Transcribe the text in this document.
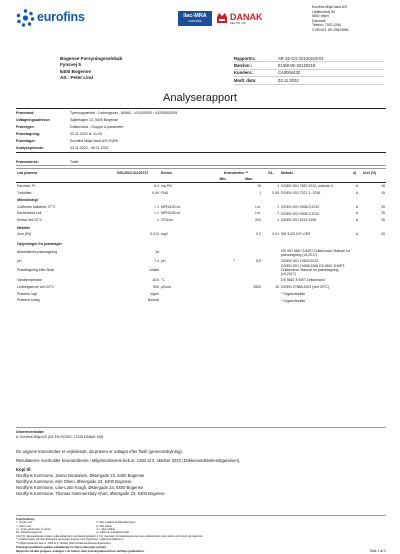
eurofins	ilac-MRA
CERTIFIED	DANAK
REG. NR. 168
Eurofins Miljø Vand A/S
Ladelundvej 85
6600 Vejen
Danmark
Telefon: 7022 4266
CVR/VAT: DK-29823880
Bogense Forsyningsselskab
Fynsvej 5
5400 Bogense
Att.: Peter Lind
Rapportnr.:	AR-22-CG-22120219-01
Batchnr.:	EUDKVE-22120219
Kundenr.:	CA0004432
Modt. dato:	03.11.2022
Analyserapport
Prøvested:	Tyrekrogværket - Ledningsnet - 80982 - V01100002 / 44230000299
Udtagningsadresse:	Søjlerkajen 13, 5400 Bogense
Prøvetype:	Drikkevand - Gruppe A parametre
Prøvetagning:	03.11.2022 kl. 11.00
Prøvetager:	Eurofins Miljø Vand A/S DVEK
Analyseperiode:	03.11.2022 - 08.11.2022
Prøvemærke:	Toilet
Lab prøvenr.	535-2022-01100727	Enhed	Kravværdier **		DL.	Metode	u)	Urel (%)
			Min.	Max.				
Farvetal, Pt	5.4	mg Pt/l		15	1	DS/EN ISO 7887:2012, metode C	A	15
Turbiditet	0.09	FNU		1	0.05	DS/EN ISO 7027-1: 2016	A	15
Mikrobiologi								
Coliforme bakterier 37°C	< 1	MPN/100 ml		i.m.	1	DS/EN ISO 9308-2:2012	A	25
Escherichia coli	< 1	MPN/100 ml		i.m.	1	DS/EN ISO 9308-2:2012	A	25
Kimtal ved 22°C	1	CFU/ml		200	1	DS/EN ISO 6222:1999	A	15
Metaller								
Jern (Fe)	0.013	mg/l		0.2	0.01	SM 3120 ICP-OES	A	20

Oplysninger fra prøvetager								
Akkrediteret prøvetagning	Ja					DS ISO 5667-5:MST-Drikkevand. Manuel for prøvetagning (v4,2017)		
pH	7.4	pH	7	8.5		DS/EN ISO 10523:2012		
Prøvetagning efter flush	Udført					DS/EN ISO 19458:2006 DS 5667-5:MST-Drikkevand. Manual for prøvetagning (v4,2017)		
Vandtemperatur	16.5	°C				DS 5667-5:MST-Drikkevand		
Ledningsevne ved 20°C	500	µS/cm		2500	15	DS/EN 27888:2003 (ved 20°C)		
Prøvens lugt	Ingen					* Organoleptisk		
Prøvens smag	Normal					* Organoleptisk		
Underleverandør:
A. Eurofins Miljø A/S (DS EN ISO/IEC 17025 DANAK 168)

De angivne kravværdier er vejledende, da prøven er udtaget efter flush (gennemskylning).

Resultaterne overholder kravværdierne i Miljøministeriets bek.nr. 1383 af 3. oktober 2022 (Drikkevandsbekendtgørelsen).

Kopi til:
Nordfyns Kommune, Janna Nicolaisen, Østergade 23, 5400 Bogense
Nordfyns Kommune, Kim Olsen, Østergade 23, 5400 Bogense
Nordfyns Kommune, Lise-Lotte Kragh, Østergade 23, 5400 Bogense
Nordfyns Kommune, Thomas Hammershøy Ahorr, Østergade 23, 5400 Bogense
Tegnforklaring:
<: mindre end
>: større end
i.p.: Ingen parametre er påvist
DL: Detektionsgrænse
*): Ikke omfattet af akkrediteringen
c): Ikke påvist
i.m.: Ikke målbar
u): udført af underleverandør
Urel (%): Ekspanderede relative måleusikkerhed med dækningsfaktor 2. For resultater på lokalitetsgrænsen kan usikkerheden være større end oplyst på rapporten.
*): Usikkerheden på mikrobiologiske parametre angives som logaritmen i usikkerhedsfaktoren
**) Miljøministeriets bek nr. 1383 af 3. oktober 2022 (Drikkevandsbekendtgørelsen).
Prøvningsresultaterne gælder udelukkende for de(n) undersøgte prøve(r).
Rapporten må ikke gengives, undtagen i sin helhed, uden prøvningslaboratoriets skriftlige godkendelse.	Side 1 af 2
